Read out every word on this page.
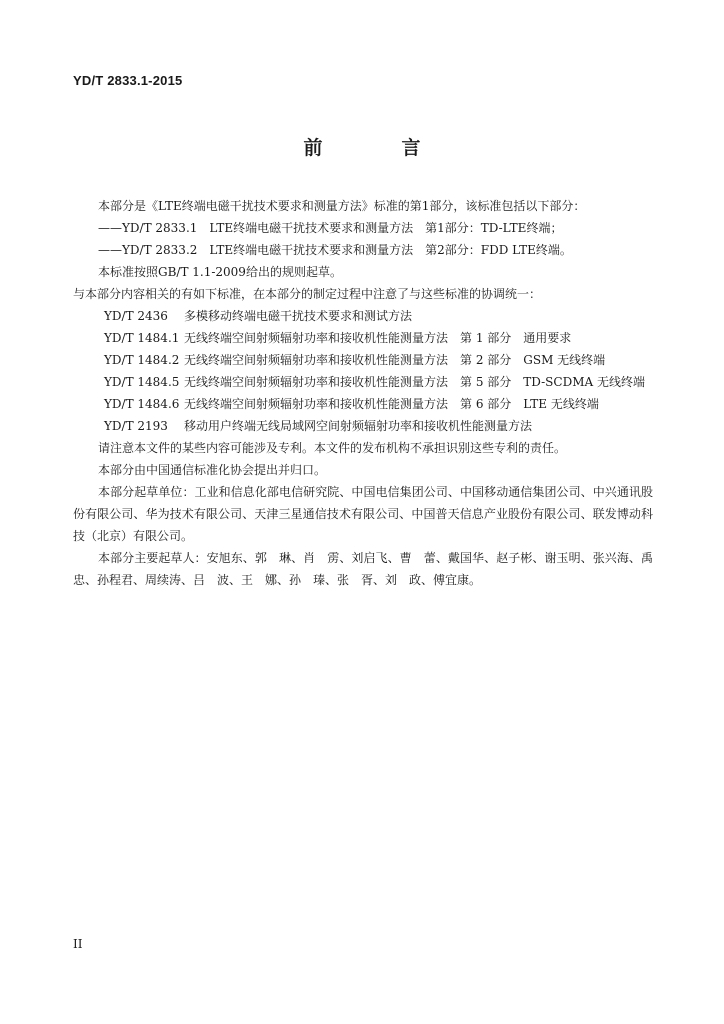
YD/T 2833.1-2015
前　言
本部分是《LTE终端电磁干扰技术要求和测量方法》标准的第1部分，该标准包括以下部分：
——YD/T 2833.1　LTE终端电磁干扰技术要求和测量方法　第1部分：TD-LTE终端；
——YD/T 2833.2　LTE终端电磁干扰技术要求和测量方法　第2部分：FDD LTE终端。
本标准按照GB/T 1.1-2009给出的规则起草。
与本部分内容相关的有如下标准，在本部分的制定过程中注意了与这些标准的协调统一：
YD/T 2436	多模移动终端电磁干扰技术要求和测试方法
YD/T 1484.1 无线终端空间射频辐射功率和接收机性能测量方法　第 1 部分　通用要求
YD/T 1484.2 无线终端空间射频辐射功率和接收机性能测量方法　第 2 部分　GSM 无线终端
YD/T 1484.5 无线终端空间射频辐射功率和接收机性能测量方法　第 5 部分　TD-SCDMA 无线终端
YD/T 1484.6 无线终端空间射频辐射功率和接收机性能测量方法　第 6 部分　LTE 无线终端
YD/T 2193	移动用户终端无线局域网空间射频辐射功率和接收机性能测量方法
请注意本文件的某些内容可能涉及专利。本文件的发布机构不承担识别这些专利的责任。
本部分由中国通信标准化协会提出并归口。
本部分起草单位：工业和信息化部电信研究院、中国电信集团公司、中国移动通信集团公司、中兴通讯股份有限公司、华为技术有限公司、天津三星通信技术有限公司、中国普天信息产业股份有限公司、联发博动科技（北京）有限公司。
本部分主要起草人：安旭东、郭　琳、肖　雳、刘启飞、曹　蕾、戴国华、赵子彬、谢玉明、张兴海、禹　忠、孙程君、周续涛、吕　波、王　娜、孙　瑧、张　胥、刘　政、傅宜康。
II
